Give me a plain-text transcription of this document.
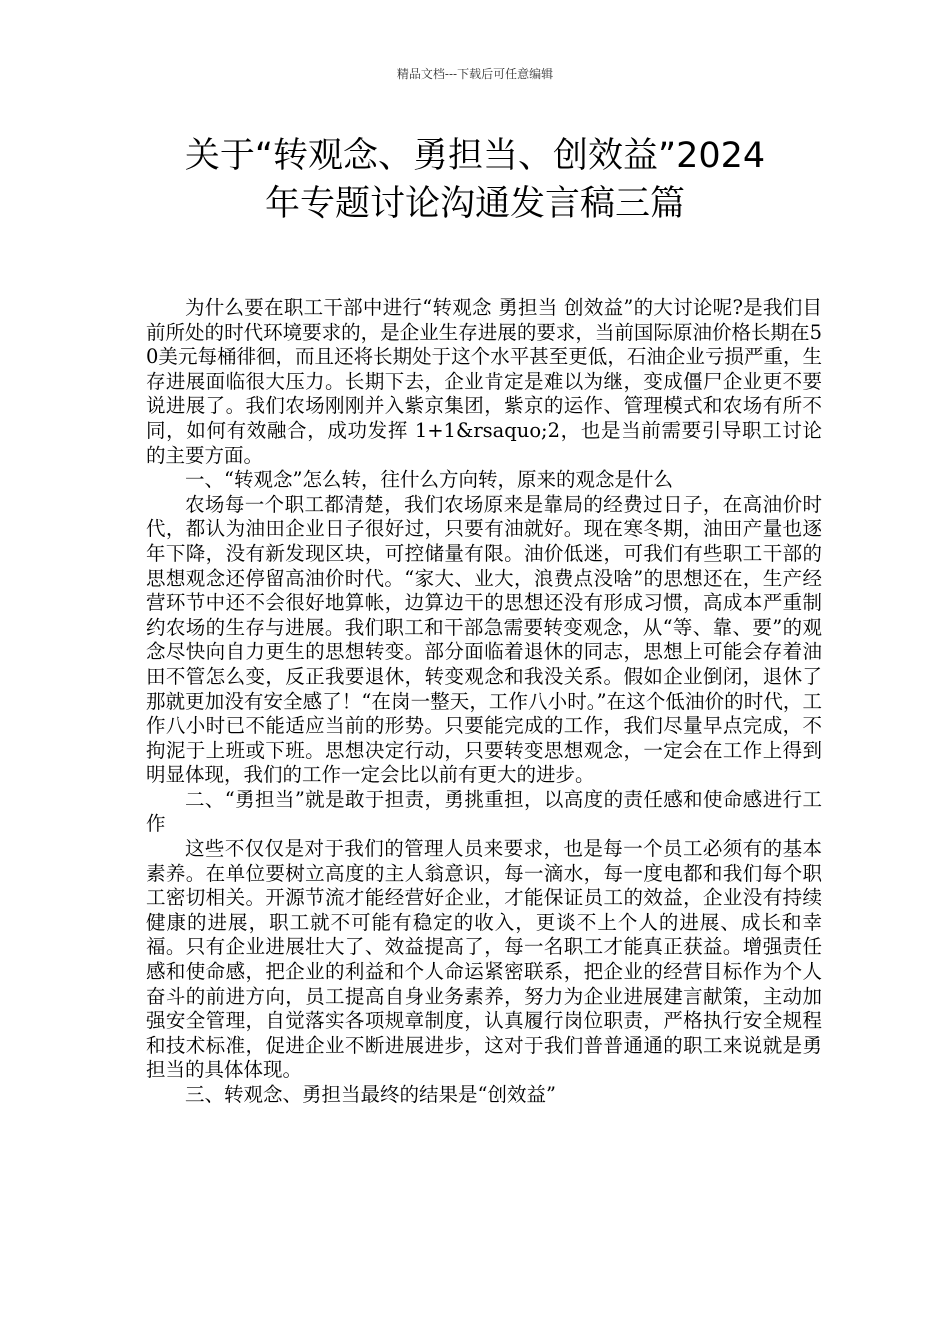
精品文档---下载后可任意编辑
关于“转观念、勇担当、创效益”2024
年专题讨论沟通发言稿三篇

为什么要在职工干部中进行“转观念 勇担当 创效益”的大讨论呢?是我们目前所处的时代环境要求的，是企业生存进展的要求，当前国际原油价格长期在50美元每桶徘徊，而且还将长期处于这个水平甚至更低，石油企业亏损严重，生存进展面临很大压力。长期下去，企业肯定是难以为继，变成僵尸企业更不要说进展了。我们农场刚刚并入紫京集团，紫京的运作、管理模式和农场有所不同，如何有效融合，成功发挥 1+1&rsaquo;2，也是当前需要引导职工讨论的主要方面。

一、“转观念”怎么转，往什么方向转，原来的观念是什么

农场每一个职工都清楚，我们农场原来是靠局的经费过日子，在高油价时代，都认为油田企业日子很好过，只要有油就好。现在寒冬期，油田产量也逐年下降，没有新发现区块，可控储量有限。油价低迷，可我们有些职工干部的思想观念还停留高油价时代。“家大、业大，浪费点没啥”的思想还在，生产经营环节中还不会很好地算帐，边算边干的思想还没有形成习惯，高成本严重制约农场的生存与进展。我们职工和干部急需要转变观念，从“等、靠、要”的观念尽快向自力更生的思想转变。部分面临着退休的同志，思想上可能会存着油田不管怎么变，反正我要退休，转变观念和我没关系。假如企业倒闭，退休了那就更加没有安全感了！“在岗一整天，工作八小时。”在这个低油价的时代，工作八小时已不能适应当前的形势。只要能完成的工作，我们尽量早点完成，不拘泥于上班或下班。思想决定行动，只要转变思想观念，一定会在工作上得到明显体现，我们的工作一定会比以前有更大的进步。

二、“勇担当”就是敢于担责，勇挑重担，以高度的责任感和使命感进行工作

这些不仅仅是对于我们的管理人员来要求，也是每一个员工必须有的基本素养。在单位要树立高度的主人翁意识，每一滴水，每一度电都和我们每个职工密切相关。开源节流才能经营好企业，才能保证员工的效益，企业没有持续健康的进展，职工就不可能有稳定的收入，更谈不上个人的进展、成长和幸福。只有企业进展壮大了、效益提高了，每一名职工才能真正获益。增强责任感和使命感，把企业的利益和个人命运紧密联系，把企业的经营目标作为个人奋斗的前进方向，员工提高自身业务素养，努力为企业进展建言献策，主动加强安全管理，自觉落实各项规章制度，认真履行岗位职责，严格执行安全规程和技术标准，促进企业不断进展进步，这对于我们普普通通的职工来说就是勇担当的具体体现。

三、转观念、勇担当最终的结果是“创效益”
